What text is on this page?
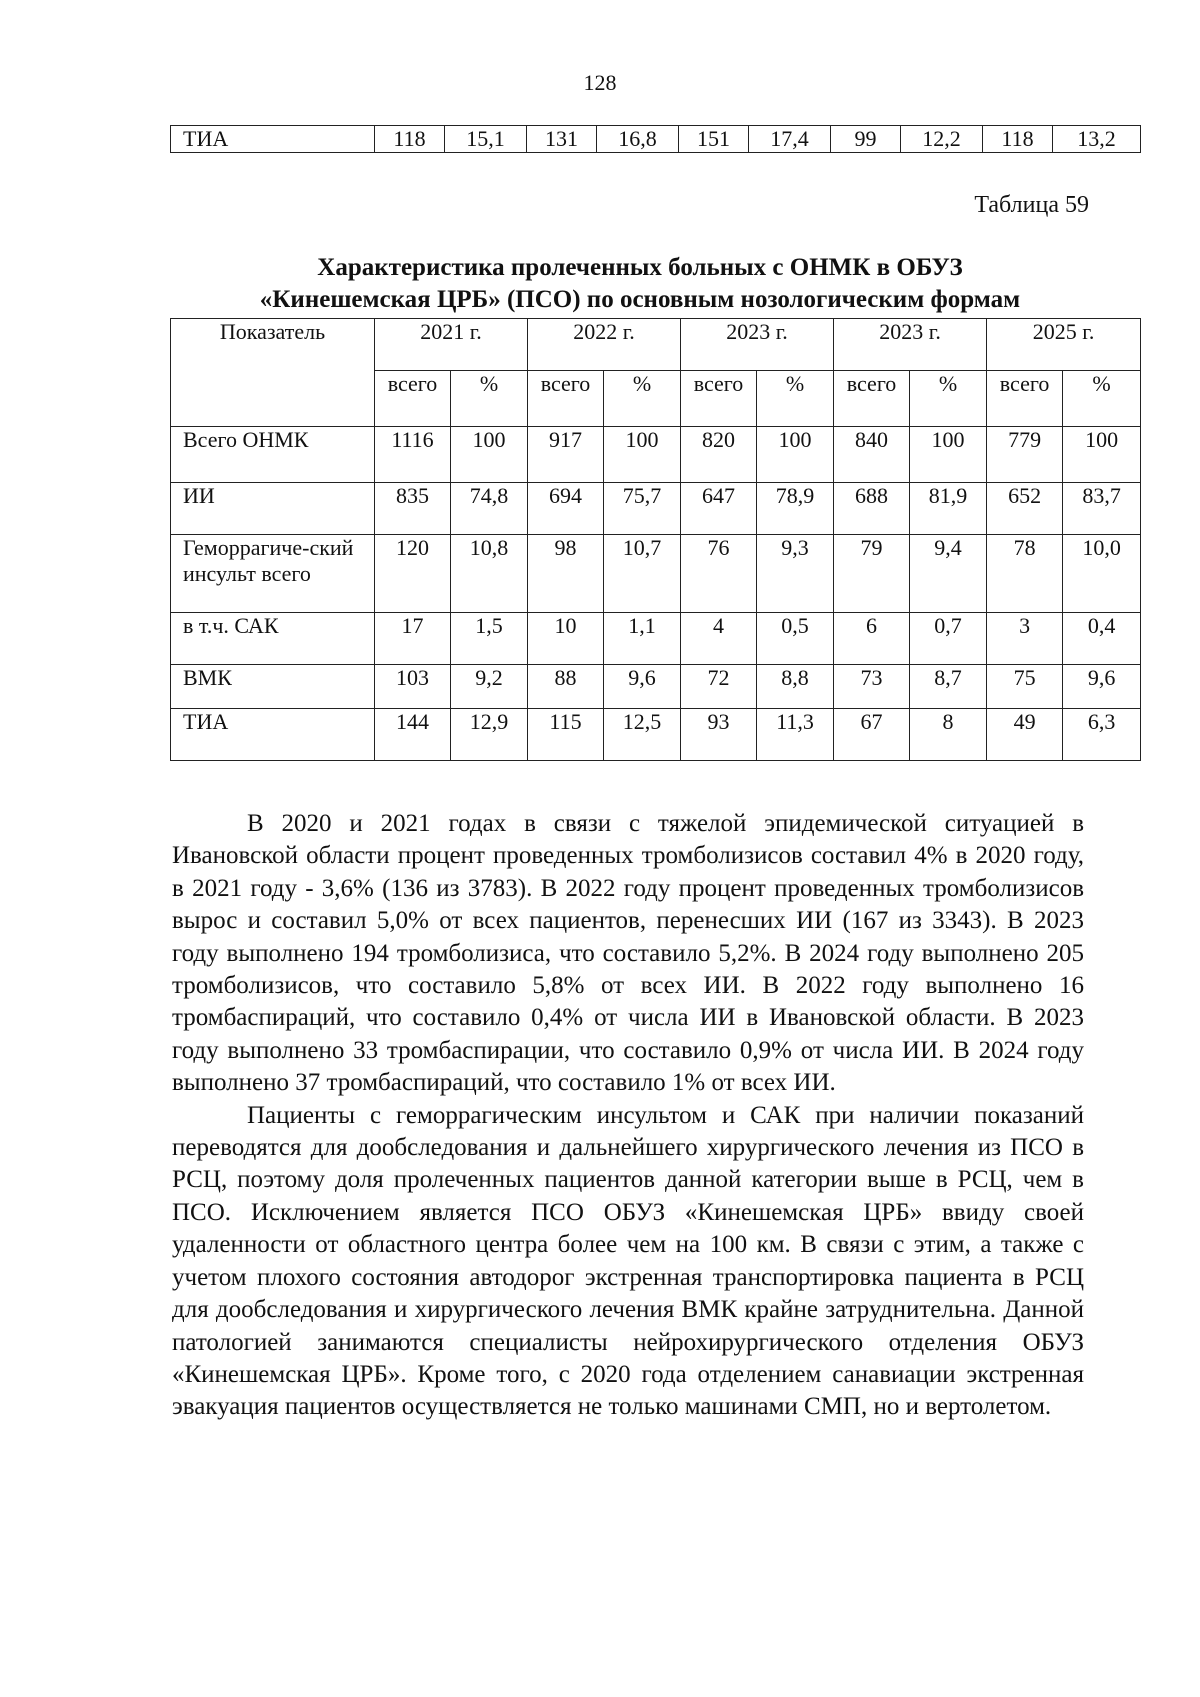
128
ТИА	118	15,1	131	16,8	151	17,4	99	12,2	118	13,2
Таблица 59
Характеристика пролеченных больных с ОНМК в ОБУЗ
«Кинешемская ЦРБ» (ПСО) по основным нозологическим формам
Показатель	2021 г.		2022 г.		2023 г.		2023 г.		2025 г.	
	всего	%	всего	%	всего	%	всего	%	всего	%
Всего ОНМК	1116	100	917	100	820	100	840	100	779	100
ИИ	835	74,8	694	75,7	647	78,9	688	81,9	652	83,7
Геморрагиче-ский инсульт всего	120	10,8	98	10,7	76	9,3	79	9,4	78	10,0
в т.ч. САК	17	1,5	10	1,1	4	0,5	6	0,7	3	0,4
ВМК	103	9,2	88	9,6	72	8,8	73	8,7	75	9,6
ТИА	144	12,9	115	12,5	93	11,3	67	8	49	6,3

В 2020 и 2021 годах в связи с тяжелой эпидемической ситуацией в Ивановской области процент проведенных тромболизисов составил 4% в 2020 году, в 2021 году - 3,6% (136 из 3783). В 2022 году процент проведенных тромболизисов вырос и составил 5,0% от всех пациентов, перенесших ИИ (167 из 3343). В 2023 году выполнено 194 тромболизиса, что составило 5,2%. В 2024 году выполнено 205 тромболизисов, что составило 5,8% от всех ИИ. В 2022 году выполнено 16 тромбаспираций, что составило 0,4% от числа ИИ в Ивановской области. В 2023 году выполнено 33 тромбаспирации, что составило 0,9% от числа ИИ. В 2024 году выполнено 37 тромбаспираций, что составило 1% от всех ИИ.

Пациенты с геморрагическим инсультом и САК при наличии показаний переводятся для дообследования и дальнейшего хирургического лечения из ПСО в РСЦ, поэтому доля пролеченных пациентов данной категории выше в РСЦ, чем в ПСО. Исключением является ПСО ОБУЗ «Кинешемская ЦРБ» ввиду своей удаленности от областного центра более чем на 100 км. В связи с этим, а также с учетом плохого состояния автодорог экстренная транспортировка пациента в РСЦ для дообследования и хирургического лечения ВМК крайне затруднительна. Данной патологией занимаются специалисты нейрохирургического отделения ОБУЗ «Кинешемская ЦРБ». Кроме того, с 2020 года отделением санавиации экстренная эвакуация пациентов осуществляется не только машинами СМП, но и вертолетом.
